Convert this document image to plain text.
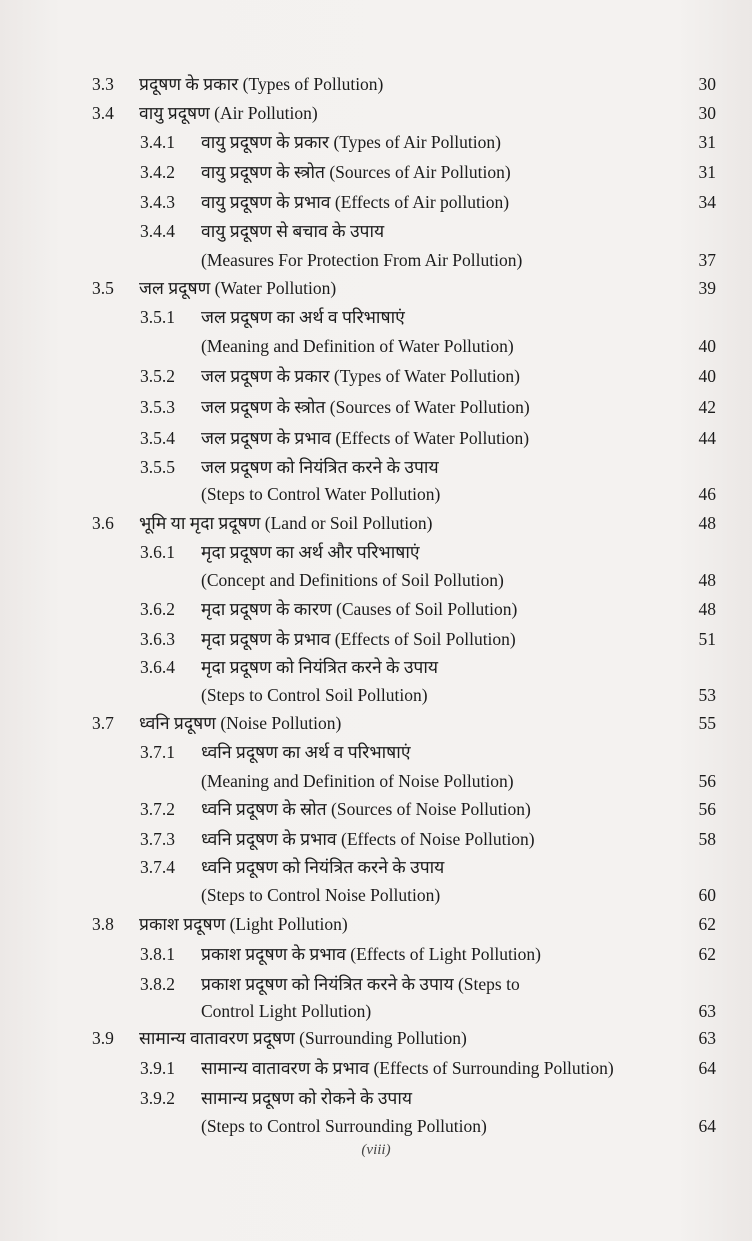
3.3 प्रदूषण के प्रकार (Types of Pollution)	30
3.4 वायु प्रदूषण (Air Pollution)	30
3.4.1 वायु प्रदूषण के प्रकार (Types of Air Pollution)	31
3.4.2 वायु प्रदूषण के स्त्रोत (Sources of Air Pollution)	31
3.4.3 वायु प्रदूषण के प्रभाव (Effects of Air pollution)	34
3.4.4 वायु प्रदूषण से बचाव के उपाय
(Measures For Protection From Air Pollution)	37
3.5 जल प्रदूषण (Water Pollution)	39
3.5.1 जल प्रदूषण का अर्थ व परिभाषाएं
(Meaning and Definition of Water Pollution)	40
3.5.2 जल प्रदूषण के प्रकार (Types of Water Pollution)	40
3.5.3 जल प्रदूषण के स्त्रोत (Sources of Water Pollution)	42
3.5.4 जल प्रदूषण के प्रभाव (Effects of Water Pollution)	44
3.5.5 जल प्रदूषण को नियंत्रित करने के उपाय
(Steps to Control Water Pollution)	46
3.6 भूमि या मृदा प्रदूषण (Land or Soil Pollution)	48
3.6.1 मृदा प्रदूषण का अर्थ और परिभाषाएं
(Concept and Definitions of Soil Pollution)	48
3.6.2 मृदा प्रदूषण के कारण (Causes of Soil Pollution)	48
3.6.3 मृदा प्रदूषण के प्रभाव (Effects of Soil Pollution)	51
3.6.4 मृदा प्रदूषण को नियंत्रित करने के उपाय
(Steps to Control Soil Pollution)	53
3.7 ध्वनि प्रदूषण (Noise Pollution)	55
3.7.1 ध्वनि प्रदूषण का अर्थ व परिभाषाएं
(Meaning and Definition of Noise Pollution)	56
3.7.2 ध्वनि प्रदूषण के स्रोत (Sources of Noise Pollution)	56
3.7.3 ध्वनि प्रदूषण के प्रभाव (Effects of Noise Pollution)	58
3.7.4 ध्वनि प्रदूषण को नियंत्रित करने के उपाय
(Steps to Control Noise Pollution)	60
3.8 प्रकाश प्रदूषण (Light Pollution)	62
3.8.1 प्रकाश प्रदूषण के प्रभाव (Effects of Light Pollution)	62
3.8.2 प्रकाश प्रदूषण को नियंत्रित करने के उपाय (Steps to
Control Light Pollution)	63
3.9 सामान्य वातावरण प्रदूषण (Surrounding Pollution)	63
3.9.1 सामान्य वातावरण के प्रभाव (Effects of Surrounding Pollution)	64
3.9.2 सामान्य प्रदूषण को रोकने के उपाय
(Steps to Control Surrounding Pollution)	64
(viii)
